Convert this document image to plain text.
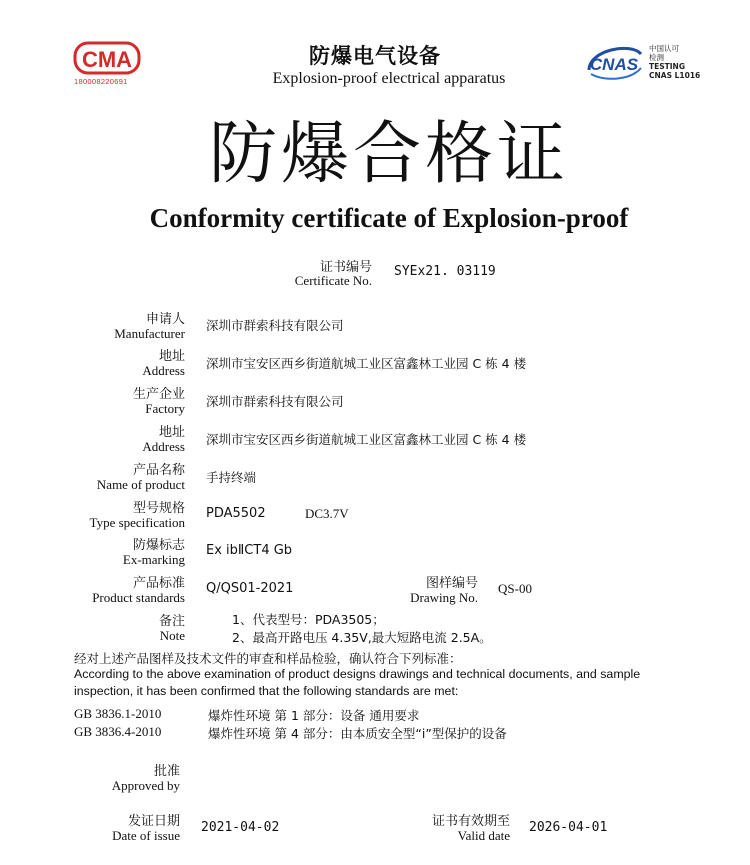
CMA
180008220691
防爆电气设备
Explosion-proof electrical apparatus
CNAS
中国认可
检测
TESTING
CNAS L1016
防爆合格证
Conformity certificate of Explosion-proof
证书编号
Certificate No.
SYEx21. 03119
申请人
Manufacturer
深圳市群索科技有限公司
地址
Address 深圳市宝安区西乡街道航城工业区富鑫林工业园 C 栋 4 楼
生产企业
Factory 深圳市群索科技有限公司
地址
Address 深圳市宝安区西乡街道航城工业区富鑫林工业园 C 栋 4 楼
产品名称
Name of product 手持终端
型号规格
Type specification
PDA5502	DC3.7V
防爆标志
Ex-marking
Ex ibⅡCT4 Gb
产品标准
Product standards
Q/QS01-2021	图样编号
Drawing No.
QS-00
备注
Note
1、代表型号：PDA3505；
2、最高开路电压 4.35V,最大短路电流 2.5A。
经对上述产品图样及技术文件的审查和样品检验，确认符合下列标准：
According to the above examination of product designs drawings and technical documents, and sample
inspection, it has been confirmed that the following standards are met:
GB 3836.1-2010	爆炸性环境 第 1 部分：设备 通用要求
GB 3836.4-2010	爆炸性环境 第 4 部分：由本质安全型“i”型保护的设备
批准
Approved by
发证日期
Date of issue
2021-04-02	证书有效期至
Valid date
2026-04-01
